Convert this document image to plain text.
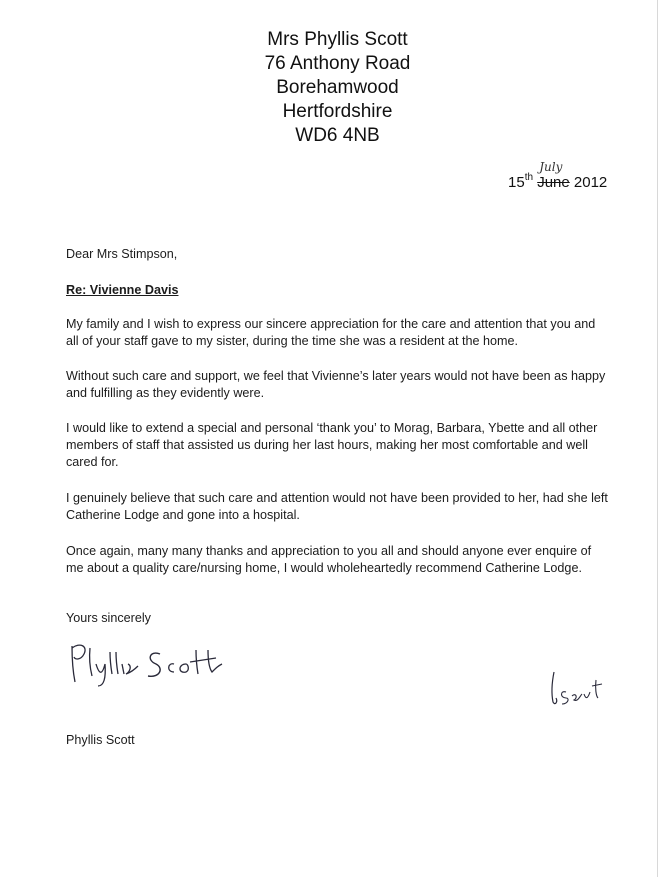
Mrs Phyllis Scott
76 Anthony Road
Borehamwood
Hertfordshire
WD6 4NB
15th June
July
2012
Dear Mrs Stimpson,
Re: Vivienne Davis
My family and I wish to express our sincere appreciation for the care and attention that you and all of your staff gave to my sister, during the time she was a resident at the home.
Without such care and support, we feel that Vivienne’s later years would not have been as happy and fulfilling as they evidently were.
I would like to extend a special and personal ‘thank you’ to Morag, Barbara, Ybette and all other members of staff that assisted us during her last hours, making her most comfortable and well cared for.
I genuinely believe that such care and attention would not have been provided to her, had she left Catherine Lodge and gone into a hospital.
Once again, many many thanks and appreciation to you all and should anyone ever enquire of me about a quality care/nursing home, I would wholeheartedly recommend Catherine Lodge.
Yours sincerely
Phyllis Scott
